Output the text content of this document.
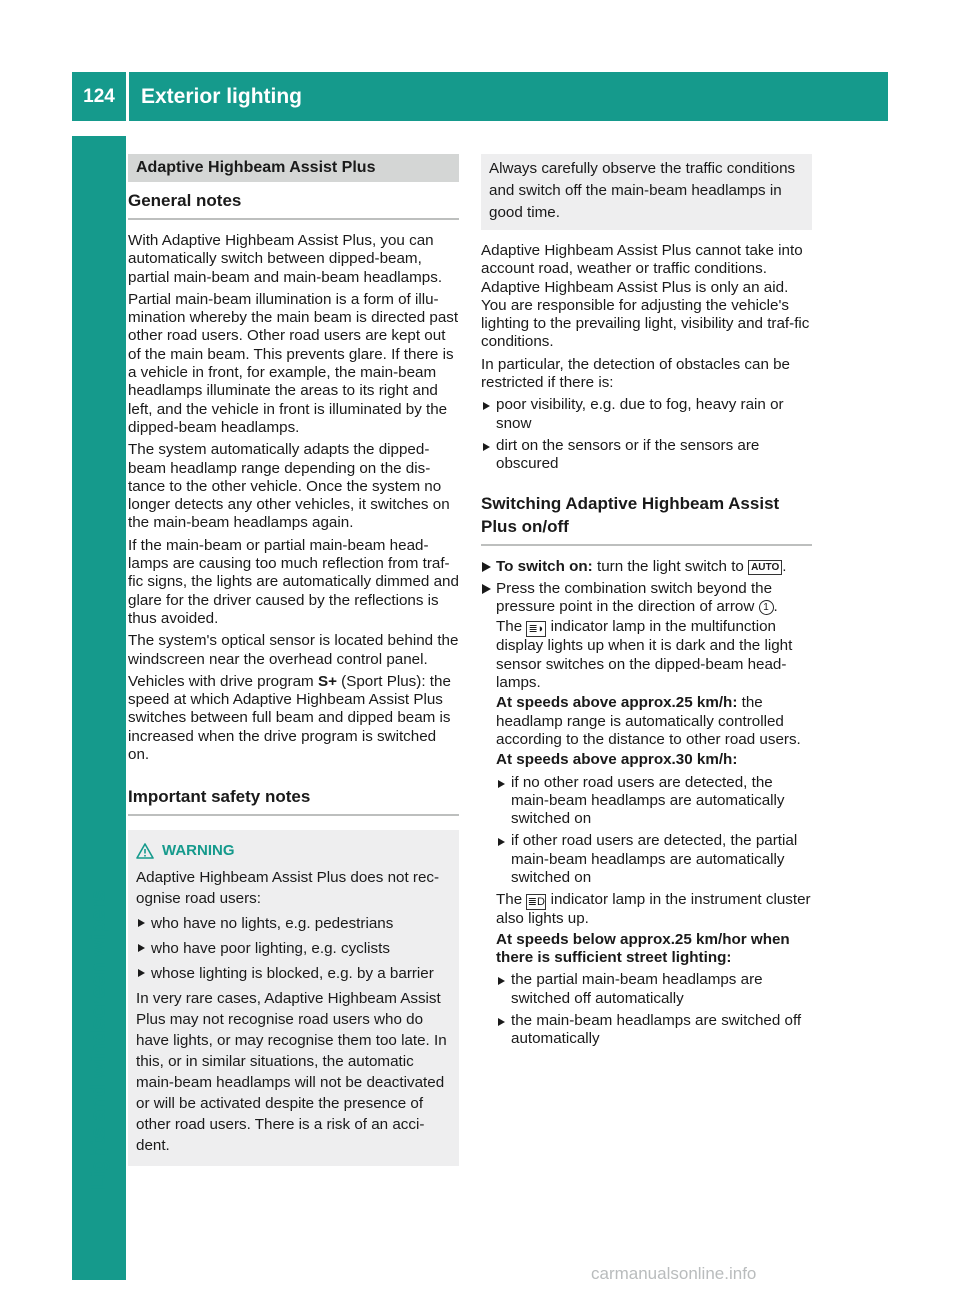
124	Exterior lighting
Lights and windscreen wipers
Adaptive Highbeam Assist Plus
General notes

With Adaptive Highbeam Assist Plus, you can automatically switch between dipped-beam, partial main-beam and main-beam headlamps.

Partial main-beam illumination is a form of illu-mination whereby the main beam is directed past other road users. Other road users are kept out of the main beam. This prevents glare. If there is a vehicle in front, for example, the main-beam headlamps illuminate the areas to its right and left, and the vehicle in front is illuminated by the dipped-beam headlamps.

The system automatically adapts the dipped-beam headlamp range depending on the dis-tance to the other vehicle. Once the system no longer detects any other vehicles, it switches on the main-beam headlamps again.

If the main-beam or partial main-beam head-lamps are causing too much reflection from traf-fic signs, the lights are automatically dimmed and glare for the driver caused by the reflections is thus avoided.

The system's optical sensor is located behind the windscreen near the overhead control panel.

Vehicles with drive program S+ (Sport Plus): the speed at which Adaptive Highbeam Assist Plus switches between full beam and dipped beam is increased when the drive program is switched on.

Important safety notes
WARNING

Adaptive Highbeam Assist Plus does not rec-ognise road users:

who have no lights, e.g. pedestrians
who have poor lighting, e.g. cyclists
whose lighting is blocked, e.g. by a barrier

In very rare cases, Adaptive Highbeam Assist Plus may not recognise road users who do have lights, or may recognise them too late. In this, or in similar situations, the automatic main-beam headlamps will not be deactivated or will be activated despite the presence of other road users. There is a risk of an acci-dent.

Always carefully observe the traffic conditions and switch off the main-beam headlamps in good time.

Adaptive Highbeam Assist Plus cannot take into account road, weather or traffic conditions. Adaptive Highbeam Assist Plus is only an aid. You are responsible for adjusting the vehicle's lighting to the prevailing light, visibility and traf-fic conditions.

In particular, the detection of obstacles can be restricted if there is:

poor visibility, e.g. due to fog, heavy rain or snow
dirt on the sensors or if the sensors are obscured
Switching Adaptive Highbeam Assist Plus on/off
To switch on: turn the light switch to AUTO .
Press the combination switch beyond the pressure point in the direction of arrow 1 .
The ≣◗ indicator lamp in the multifunction display lights up when it is dark and the light sensor switches on the dipped-beam head-lamps.
At speeds above approx.25 km/h: the headlamp range is automatically controlled according to the distance to other road users.
At speeds above approx.30 km/h:
if no other road users are detected, the main-beam headlamps are automatically switched on
if other road users are detected, the partial main-beam headlamps are automatically switched on
The ≣D indicator lamp in the instrument cluster also lights up.
At speeds below approx.25 km/hor when there is sufficient street lighting:
the partial main-beam headlamps are switched off automatically
the main-beam headlamps are switched off automatically
carmanualsonline.info
